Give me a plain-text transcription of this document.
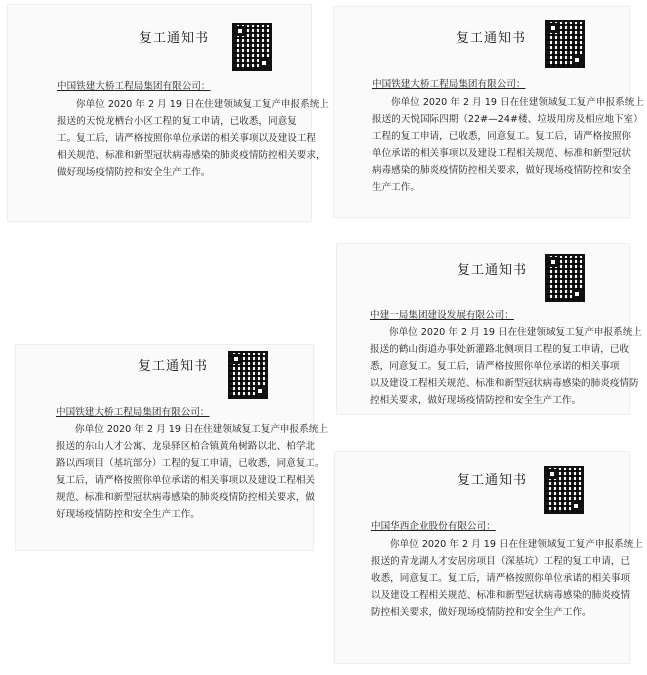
复工通知书
中国铁建大桥工程局集团有限公司：
你单位 2020 年 2 月 19 日在住建领域复工复产申报系统上
报送的天悦龙栖台小区工程的复工申请，已收悉，同意复
工。复工后，请严格按照你单位承诺的相关事项以及建设工程
相关规范、标准和新型冠状病毒感染的肺炎疫情防控相关要求，
做好现场疫情防控和安全生产工作。
复工通知书
中国铁建大桥工程局集团有限公司：
你单位 2020 年 2 月 19 日在住建领域复工复产申报系统上
报送的天悦国际四期（22#—24#楼、垃圾用房及相应地下室）
工程的复工申请，已收悉，同意复工。复工后，请严格按照你
单位承诺的相关事项以及建设工程相关规范、标准和新型冠状
病毒感染的肺炎疫情防控相关要求，做好现场疫情防控和安全
生产工作。
复工通知书
中建一局集团建设发展有限公司：
你单位 2020 年 2 月 19 日在住建领域复工复产申报系统上
报送的鹤山街道办事处新灌路北侧项目工程的复工申请，已收
悉，同意复工。复工后，请严格按照你单位承诺的相关事项
以及建设工程相关规范、标准和新型冠状病毒感染的肺炎疫情防
控相关要求，做好现场疫情防控和安全生产工作。
复工通知书
中国铁建大桥工程局集团有限公司：
你单位 2020 年 2 月 19 日在住建领域复工复产申报系统上
报送的东山人才公寓、龙泉驿区柏合镇黄角树路以北、柏学北
路以西项目（基坑部分）工程的复工申请，已收悉，同意复工。
复工后，请严格按照你单位承诺的相关事项以及建设工程相关
规范、标准和新型冠状病毒感染的肺炎疫情防控相关要求，做
好现场疫情防控和安全生产工作。
复工通知书
中国华西企业股份有限公司：
你单位 2020 年 2 月 19 日在住建领域复工复产申报系统上
报送的青龙湖人才安居房项目（深基坑）工程的复工申请，已
收悉，同意复工。复工后，请严格按照你单位承诺的相关事项
以及建设工程相关规范、标准和新型冠状病毒感染的肺炎疫情
防控相关要求，做好现场疫情防控和安全生产工作。
